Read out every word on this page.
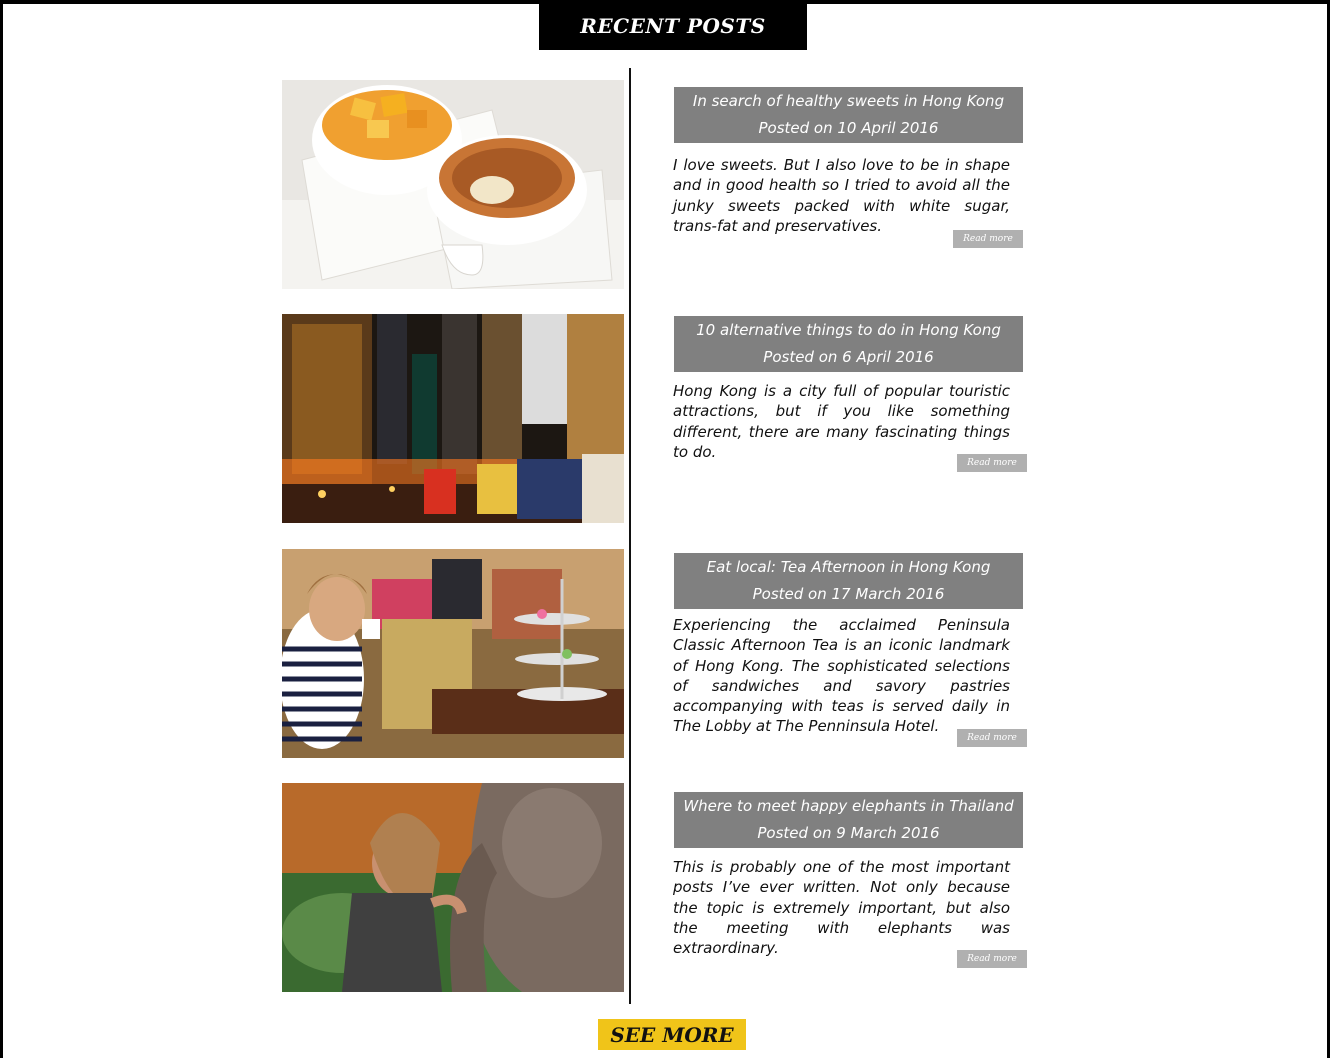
RECENT POSTS
In search of healthy sweets in Hong Kong
Posted on 10 April 2016

I love sweets. But I also love to be in shape and in good health so I tried to avoid all the junky sweets packed with white sugar, trans-fat and preservatives.

Read more
10 alternative things to do in Hong Kong
Posted on 6 April 2016

Hong Kong is a city full of popular touristic attractions, but if you like something different, there are many fascinating things to do.

Read more
Eat local: Tea Afternoon in Hong Kong
Posted on 17 March 2016

Experiencing the acclaimed Peninsula Classic Afternoon Tea is an iconic landmark of Hong Kong. The sophisticated selections of sandwiches and savory pastries accompanying with teas is served daily in The Lobby at The Penninsula Hotel.

Read more
Where to meet happy elephants in Thailand
Posted on 9 March 2016

This is probably one of the most important posts I’ve ever written. Not only because the topic is extremely important, but also the meeting with elephants was extraordinary.

Read more
SEE MORE
